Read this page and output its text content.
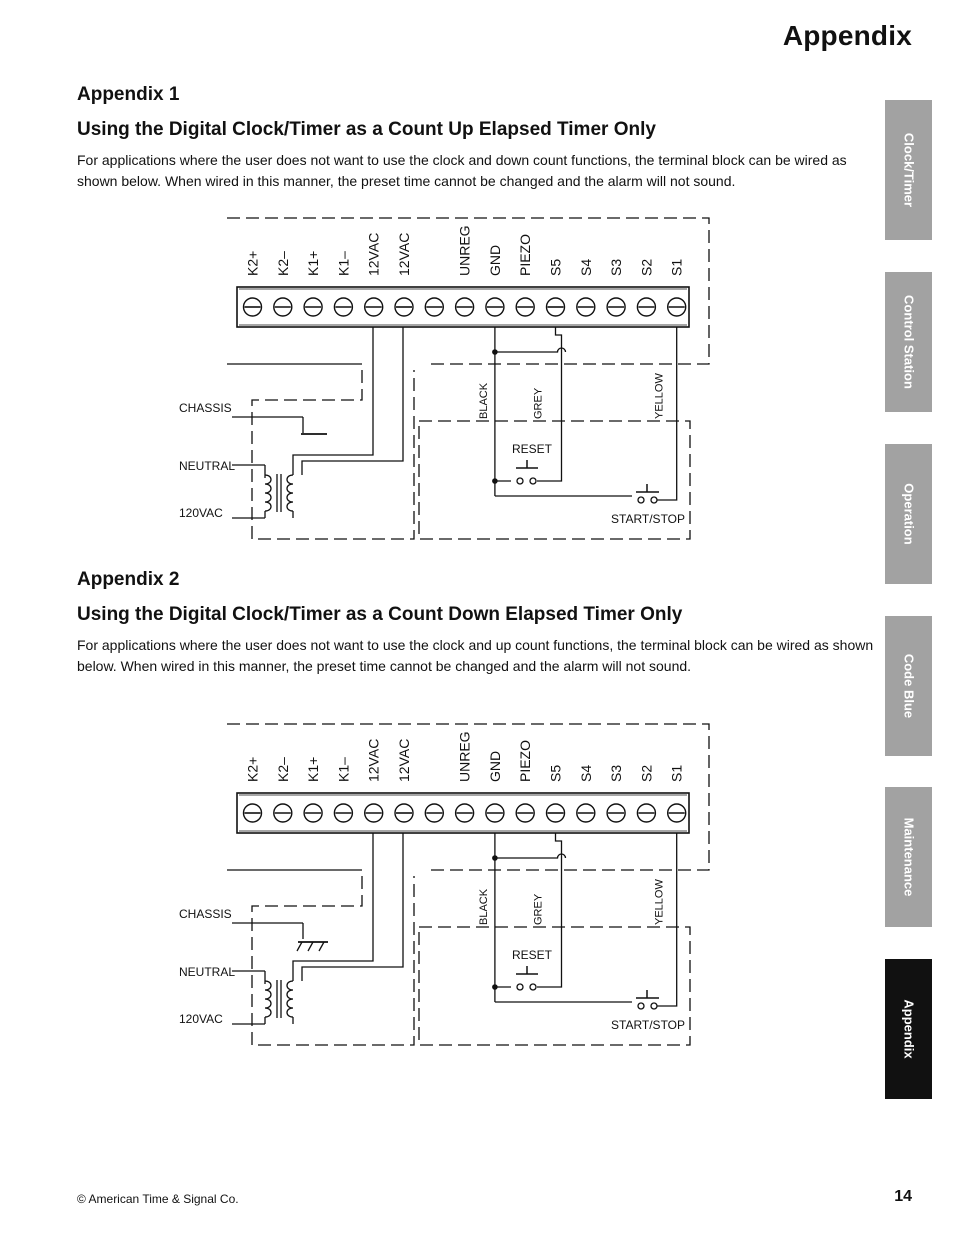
Appendix
Appendix 1
Using the Digital Clock/Timer as a Count Up Elapsed Timer Only

For applications where the user does not want to use the clock and down count functions, the terminal block can be wired as shown below. When wired in this manner, the preset time cannot be changed and the alarm will not sound.

K2+ K2– K1+ K1– 12VAC 12VAC	UNREG GND PIEZO S5 S4 S3 S2 S1
BLACK	GREY	YELLOW
CHASSIS
NEUTRAL
120VAC
RESET
START/STOP
Appendix 2
Using the Digital Clock/Timer as a Count Down Elapsed Timer Only

For applications where the user does not want to use the clock and up count functions, the terminal block can be wired as shown below. When wired in this manner, the preset time cannot be changed and the alarm will not sound.

K2+ K2– K1+ K1– 12VAC 12VAC	UNREG GND PIEZO S5 S4 S3 S2 S1
BLACK	GREY	YELLOW
CHASSIS
NEUTRAL
120VAC
RESET
START/STOP
Clock/Timer
Control Station
Operation
Code Blue
Maintenance
Appendix
© American Time & Signal Co.	14
